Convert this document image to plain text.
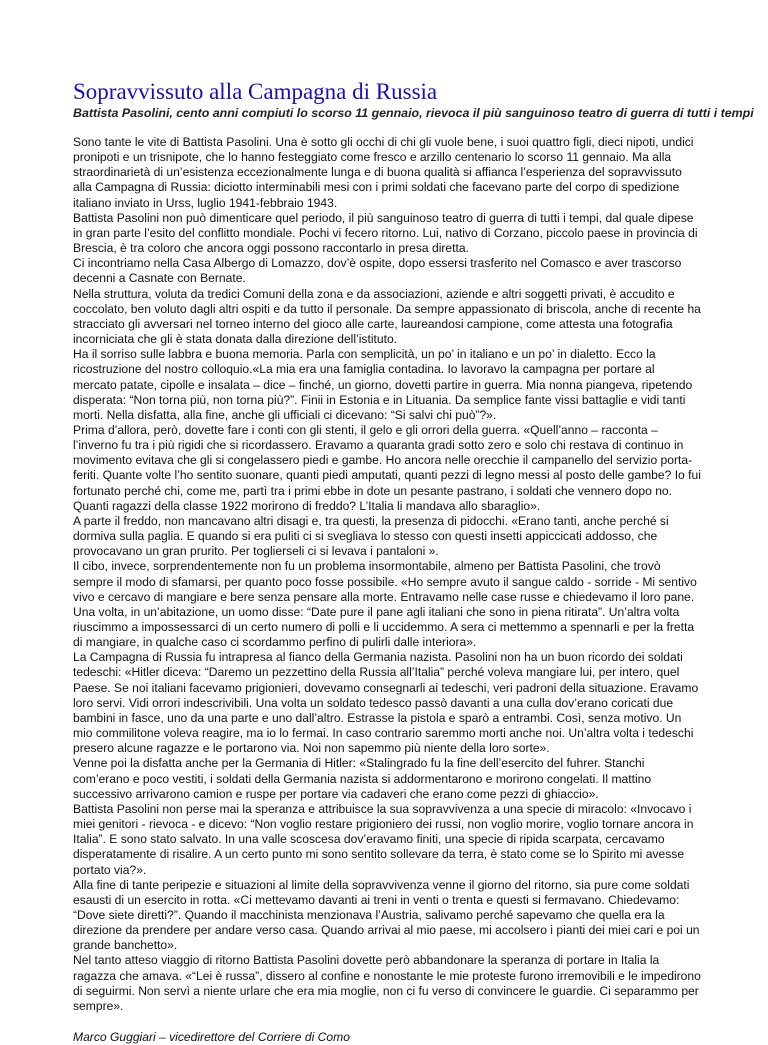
Sopravvissuto alla Campagna di Russia
Battista Pasolini, cento anni compiuti lo scorso 11 gennaio, rievoca il più sanguinoso teatro di guerra di tutti i tempi

Sono tante le vite di Battista Pasolini. Una è sotto gli occhi di chi gli vuole bene, i suoi quattro figli, dieci nipoti, undici pronipoti e un trisnipote, che lo hanno festeggiato come fresco e arzillo centenario lo scorso 11 gennaio. Ma alla straordinarietà di un’esistenza eccezionalmente lunga e di buona qualità si affianca l’esperienza del sopravvissuto alla Campagna di Russia: diciotto interminabili mesi con i primi soldati che facevano parte del corpo di spedizione italiano inviato in Urss, luglio 1941-febbraio 1943.

Battista Pasolini non può dimenticare quel periodo, il più sanguinoso teatro di guerra di tutti i tempi, dal quale dipese in gran parte l’esito del conflitto mondiale. Pochi vi fecero ritorno. Lui, nativo di Corzano, piccolo paese in provincia di Brescia, è tra coloro che ancora oggi possono raccontarlo in presa diretta.

Ci incontriamo nella Casa Albergo di Lomazzo, dov’è ospite, dopo essersi trasferito nel Comasco e aver trascorso decenni a Casnate con Bernate.

Nella struttura, voluta da tredici Comuni della zona e da associazioni, aziende e altri soggetti privati, è accudito e coccolato, ben voluto dagli altri ospiti e da tutto il personale. Da sempre appassionato di briscola, anche di recente ha stracciato gli avversari nel torneo interno del gioco alle carte, laureandosi campione, come attesta una fotografia incorniciata che gli è stata donata dalla direzione dell’istituto.

Ha il sorriso sulle labbra e buona memoria. Parla con semplicità, un po’ in italiano e un po’ in dialetto. Ecco la ricostruzione del nostro colloquio.«La mia era una famiglia contadina. Io lavoravo la campagna per portare al mercato patate, cipolle e insalata – dice – finché, un giorno, dovetti partire in guerra. Mia nonna piangeva, ripetendo disperata: “Non torna più, non torna più?”. Finii in Estonia e in Lituania. Da semplice fante vissi battaglie e vidi tanti morti. Nella disfatta, alla fine, anche gli ufficiali ci dicevano: “Si salvi chi può”?».

Prima d’allora, però, dovette fare i conti con gli stenti, il gelo e gli orrori della guerra. «Quell’anno – racconta – l’inverno fu tra i più rigidi che si ricordassero. Eravamo a quaranta gradi sotto zero e solo chi restava di continuo in movimento evitava che gli si congelassero piedi e gambe. Ho ancora nelle orecchie il campanello del servizio porta-feriti. Quante volte l’ho sentito suonare, quanti piedi amputati, quanti pezzi di legno messi al posto delle gambe? Io fui fortunato perché chi, come me, partì tra i primi ebbe in dote un pesante pastrano, i soldati che vennero dopo no. Quanti ragazzi della classe 1922 morirono di freddo? L’Italia li mandava allo sbaraglio».

A parte il freddo, non mancavano altri disagi e, tra questi, la presenza di pidocchi. «Erano tanti, anche perché si dormiva sulla paglia. E quando si era puliti ci si svegliava lo stesso con questi insetti appiccicati addosso, che provocavano un gran prurito. Per toglierseli ci si levava i pantaloni ».

Il cibo, invece, sorprendentemente non fu un problema insormontabile, almeno per Battista Pasolini, che trovò sempre il modo di sfamarsi, per quanto poco fosse possibile. «Ho sempre avuto il sangue caldo - sorride - Mi sentivo vivo e cercavo di mangiare e bere senza pensare alla morte. Entravamo nelle case russe e chiedevamo il loro pane. Una volta, in un’abitazione, un uomo disse: “Date pure il pane agli italiani che sono in piena ritirata”. Un’altra volta riuscimmo a impossessarci di un certo numero di polli e li uccidemmo. A sera ci mettemmo a spennarli e per la fretta di mangiare, in qualche caso ci scordammo perfino di pulirli dalle interiora».

La Campagna di Russia fu intrapresa al fianco della Germania nazista. Pasolini non ha un buon ricordo dei soldati tedeschi: «Hitler diceva: “Daremo un pezzettino della Russia all’Italia” perché voleva mangiare lui, per intero, quel Paese. Se noi italiani facevamo prigionieri, dovevamo consegnarli ai tedeschi, veri padroni della situazione. Eravamo loro servi. Vidi orrori indescrivibili. Una volta un soldato tedesco passò davanti a una culla dov’erano coricati due bambini in fasce, uno da una parte e uno dall’altro. Estrasse la pistola e sparò a entrambi. Così, senza motivo. Un mio commilitone voleva reagire, ma io lo fermai. In caso contrario saremmo morti anche noi. Un’altra volta i tedeschi presero alcune ragazze e le portarono via. Noi non sapemmo più niente della loro sorte».

Venne poi la disfatta anche per la Germania di Hitler: «Stalingrado fu la fine dell’esercito del fuhrer. Stanchi com’erano e poco vestiti, i soldati della Germania nazista si addormentarono e morirono congelati. Il mattino successivo arrivarono camion e ruspe per portare via cadaveri che erano come pezzi di ghiaccio».

Battista Pasolini non perse mai la speranza e attribuisce la sua sopravvivenza a una specie di miracolo: «Invocavo i miei genitori - rievoca - e dicevo: “Non voglio restare prigioniero dei russi, non voglio morire, voglio tornare ancora in Italia”. E sono stato salvato. In una valle scoscesa dov’eravamo finiti, una specie di ripida scarpata, cercavamo disperatamente di risalire. A un certo punto mi sono sentito sollevare da terra, è stato come se lo Spirito mi avesse portato via?».

Alla fine di tante peripezie e situazioni al limite della sopravvivenza venne il giorno del ritorno, sia pure come soldati esausti di un esercito in rotta. «Ci mettevamo davanti ai treni in venti o trenta e questi si fermavano. Chiedevamo: “Dove siete diretti?”. Quando il macchinista menzionava l’Austria, salivamo perché sapevamo che quella era la direzione da prendere per andare verso casa. Quando arrivai al mio paese, mi accolsero i pianti dei miei cari e poi un grande banchetto».

Nel tanto atteso viaggio di ritorno Battista Pasolini dovette però abbandonare la speranza di portare in Italia la ragazza che amava. «“Lei è russa”, dissero al confine e nonostante le mie proteste furono irremovibili e le impedirono di seguirmi. Non servì a niente urlare che era mia moglie, non ci fu verso di convincere le guardie. Ci separammo per sempre».

Marco Guggiari – vicedirettore del Corriere di Como
